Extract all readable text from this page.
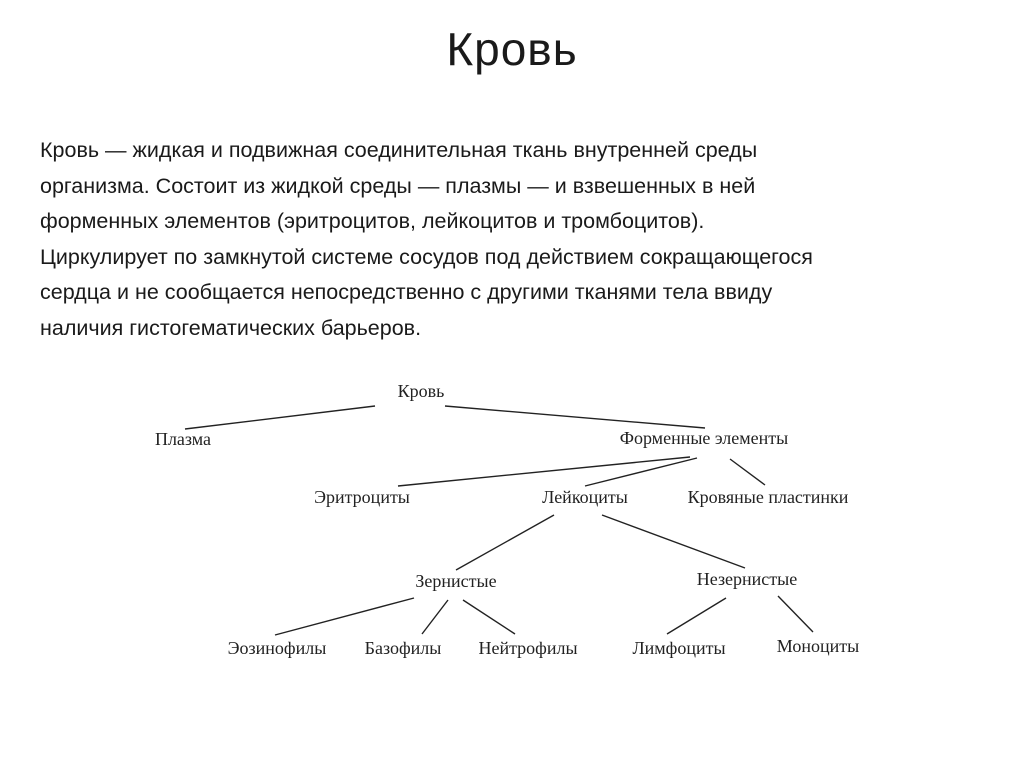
Кровь

Кровь — жидкая и подвижная соединительная ткань внутренней среды
организма. Состоит из жидкой среды — плазмы — и взвешенных в ней
форменных элементов (эритроцитов, лейкоцитов и тромбоцитов).
Циркулирует по замкнутой системе сосудов под действием сокращающегося
сердца и не сообщается непосредственно с другими тканями тела ввиду
наличия гистогематических барьеров.

Кровь
Плазма	Форменные элементы
Эритроциты	Лейкоциты	Кровяные пластинки
Зернистые	Незернистые
Эозинофилы Базофилы Нейтрофилы	Лимфоциты	Моноциты
